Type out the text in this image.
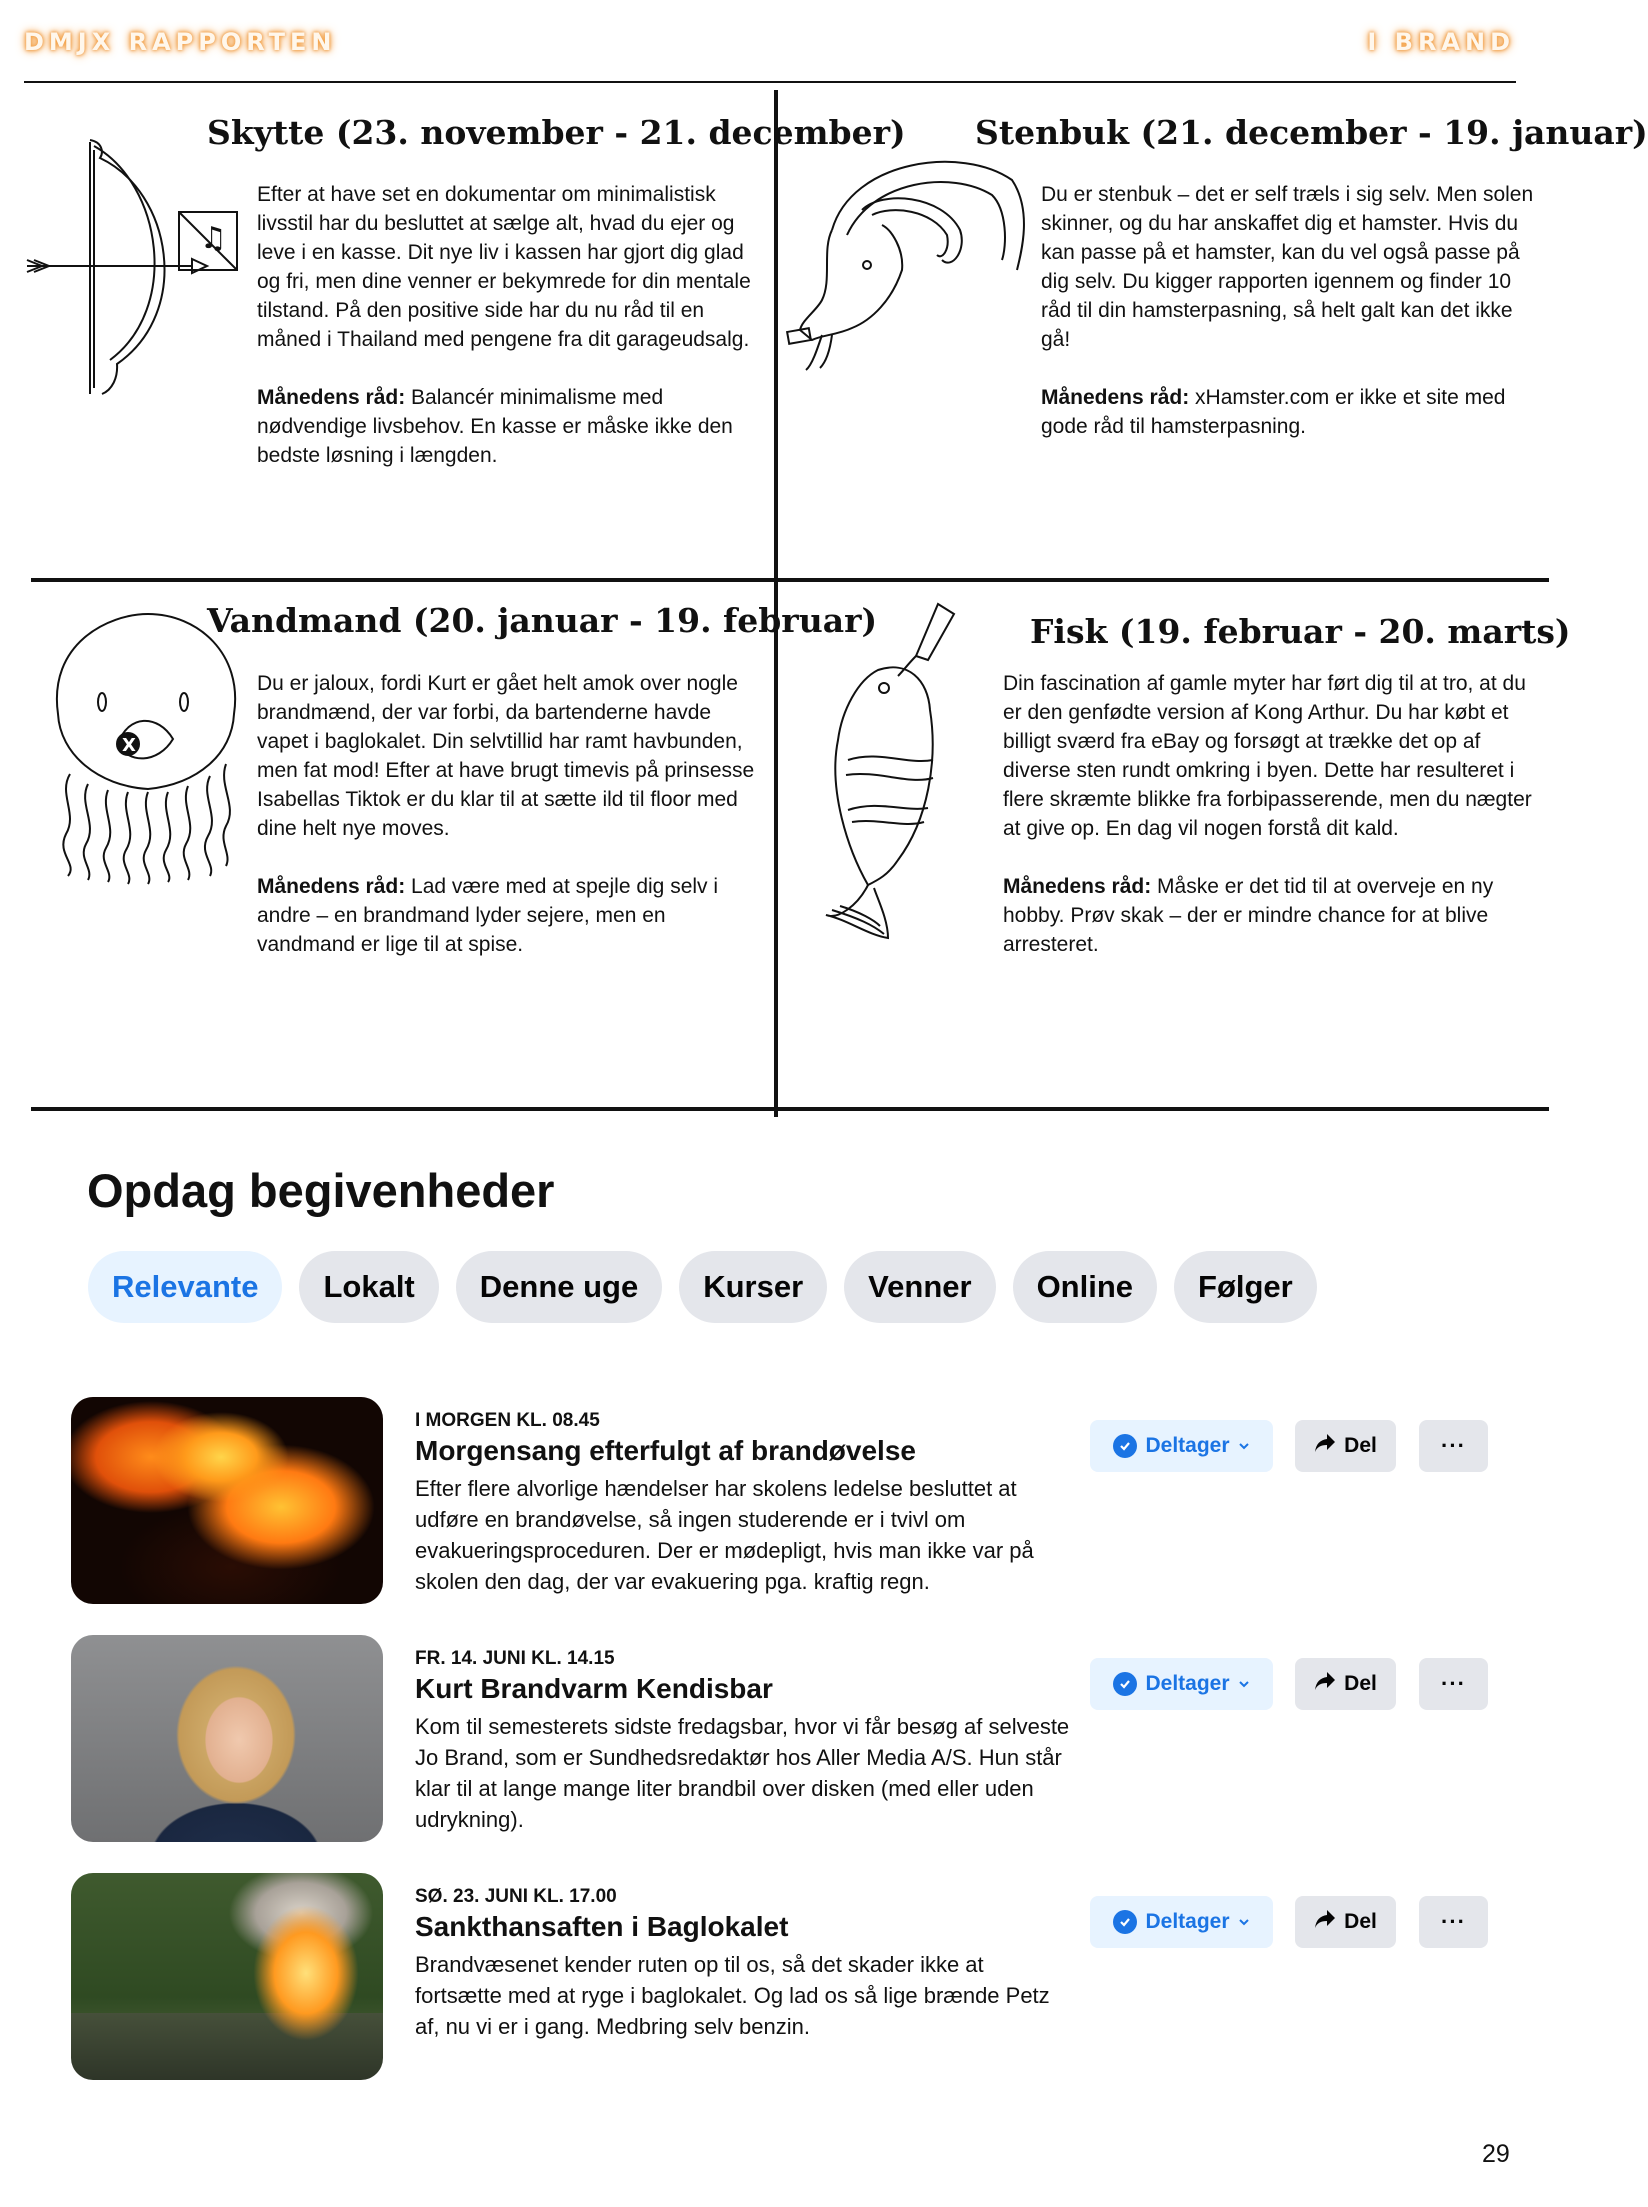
DMJX RAPPORTEN	I BRAND
♫
Skytte (23. november - 21. december)
Efter at have set en dokumentar om minimalistisk livsstil har du besluttet at sælge alt, hvad du ejer og leve i en kasse. Dit nye liv i kassen har gjort dig glad og fri, men dine venner er bekymrede for din mentale tilstand. På den positive side har du nu råd til en måned i Thailand med pengene fra dit garageudsalg.
Månedens råd: Balancér minimalisme med nødvendige livsbehov. En kasse er måske ikke den bedste løsning i længden.
Stenbuk (21. december - 19. januar)
Du er stenbuk – det er self træls i sig selv. Men solen skinner, og du har anskaffet dig et hamster. Hvis du kan passe på et hamster, kan du vel også passe på dig selv. Du kigger rapporten igennem og finder 10 råd til din hamsterpasning, så helt galt kan det ikke gå!
Månedens råd: xHamster.com er ikke et site med gode råd til hamsterpasning.
X
Vandmand (20. januar - 19. februar)
Du er jaloux, fordi Kurt er gået helt amok over nogle brandmænd, der var forbi, da bartenderne havde vapet i baglokalet. Din selvtillid har ramt havbunden, men fat mod! Efter at have brugt timevis på prinsesse Isabellas Tiktok er du klar til at sætte ild til floor med dine helt nye moves.
Månedens råd: Lad være med at spejle dig selv i andre – en brandmand lyder sejere, men en vandmand er lige til at spise.
Fisk (19. februar - 20. marts)
Din fascination af gamle myter har ført dig til at tro, at du er den genfødte version af Kong Arthur. Du har købt et billigt sværd fra eBay og forsøgt at trække det op af diverse sten rundt omkring i byen. Dette har resulteret i flere skræmte blikke fra forbipasserende, men du nægter at give op. En dag vil nogen forstå dit kald.
Månedens råd: Måske er det tid til at overveje en ny hobby. Prøv skak – der er mindre chance for at blive arresteret.
Opdag begivenheder
Relevante	Lokalt	Denne uge	Kurser	Venner	Online	Følger
I MORGEN KL. 08.45
Morgensang efterfulgt af brandøvelse

Efter flere alvorlige hændelser har skolens ledelse besluttet at udføre en brandøvelse, så ingen studerende er i tvivl om evakueringsproceduren. Der er mødepligt, hvis man ikke var på skolen den dag, der var evakuering pga. kraftig regn.

Deltager	Del	···
FR. 14. JUNI KL. 14.15
Kurt Brandvarm Kendisbar

Kom til semesterets sidste fredagsbar, hvor vi får besøg af selveste Jo Brand, som er Sundhedsredaktør hos Aller Media A/S. Hun står klar til at lange mange liter brandbil over disken (med eller uden udrykning).

Deltager	Del	···
SØ. 23. JUNI KL. 17.00
Sankthansaften i Baglokalet

Brandvæsenet kender ruten op til os, så det skader ikke at fortsætte med at ryge i baglokalet. Og lad os så lige brænde Petz af, nu vi er i gang. Medbring selv benzin.

Deltager	Del	···
29
